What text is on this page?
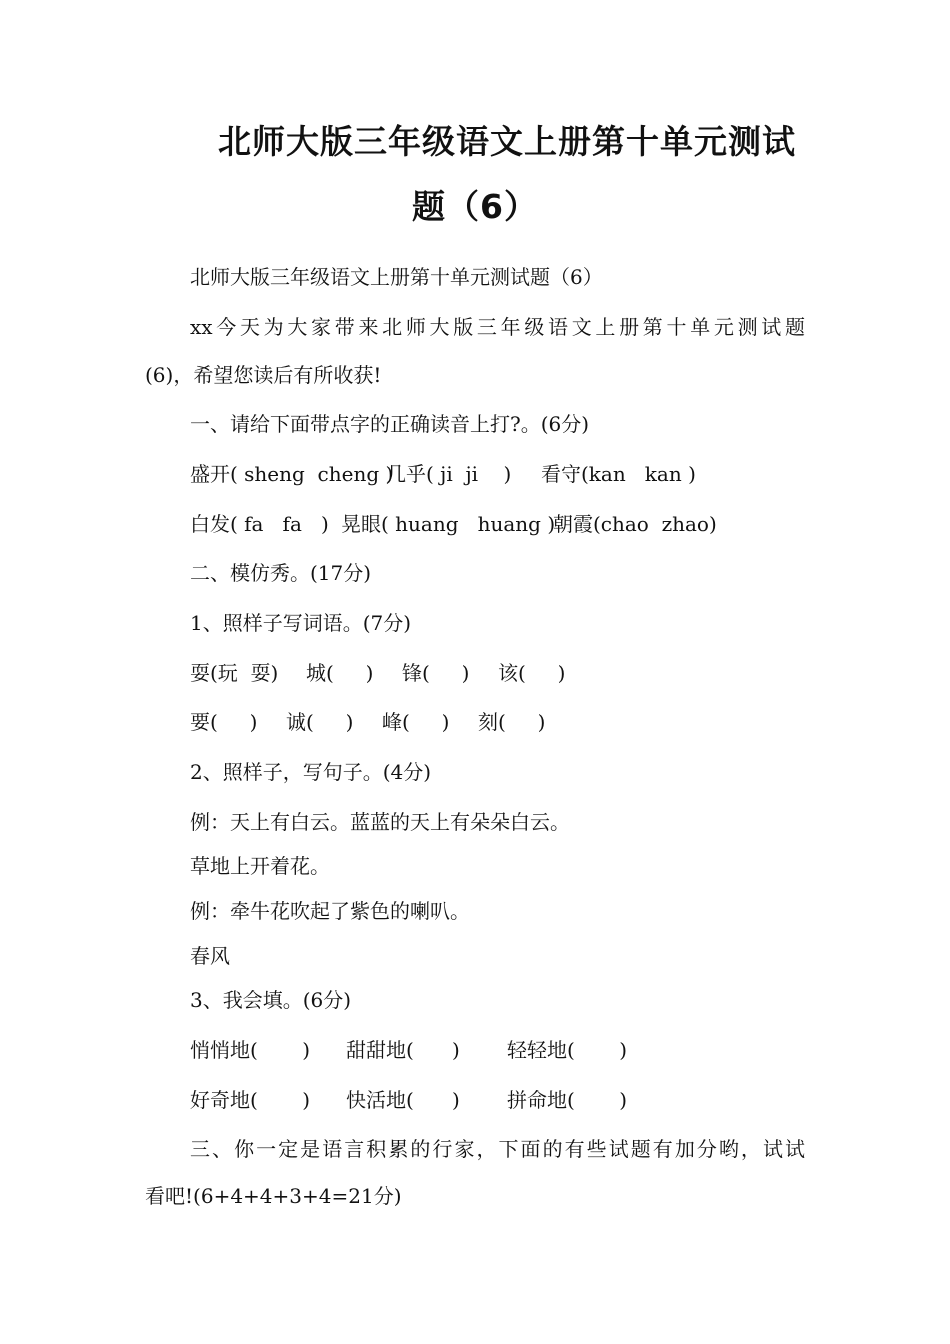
北师大版三年级语文上册第十单元测试
题（6）
北师大版三年级语文上册第十单元测试题（6）
xx今天为大家带来北师大版三年级语文上册第十单元测试题
(6)，希望您读后有所收获!
一、请给下面带点字的正确读音上打?。(6分)

盛开( sheng  cheng )

几乎( ji  ji    )

看守(kan   kan )

白发( fa   fa   )

晃眼( huang   huang )

朝霞(chao  zhao)

二、模仿秀。(17分)
1、照样子写词语。(7分)

耍(玩  耍)

城(     )

锋(     )

该(     )

要(     )

诚(     )

峰(     )

刻(     )

2、照样子，写句子。(4分)
例：天上有白云。蓝蓝的天上有朵朵白云。
草地上开着花。
例：牵牛花吹起了紫色的喇叭。
春风
3、我会填。(6分)

悄悄地(       )

甜甜地(      )

轻轻地(       )

好奇地(       )

快活地(      )

拼命地(       )

三、你一定是语言积累的行家，下面的有些试题有加分哟，试试
看吧!(6+4+4+3+4=21分)
